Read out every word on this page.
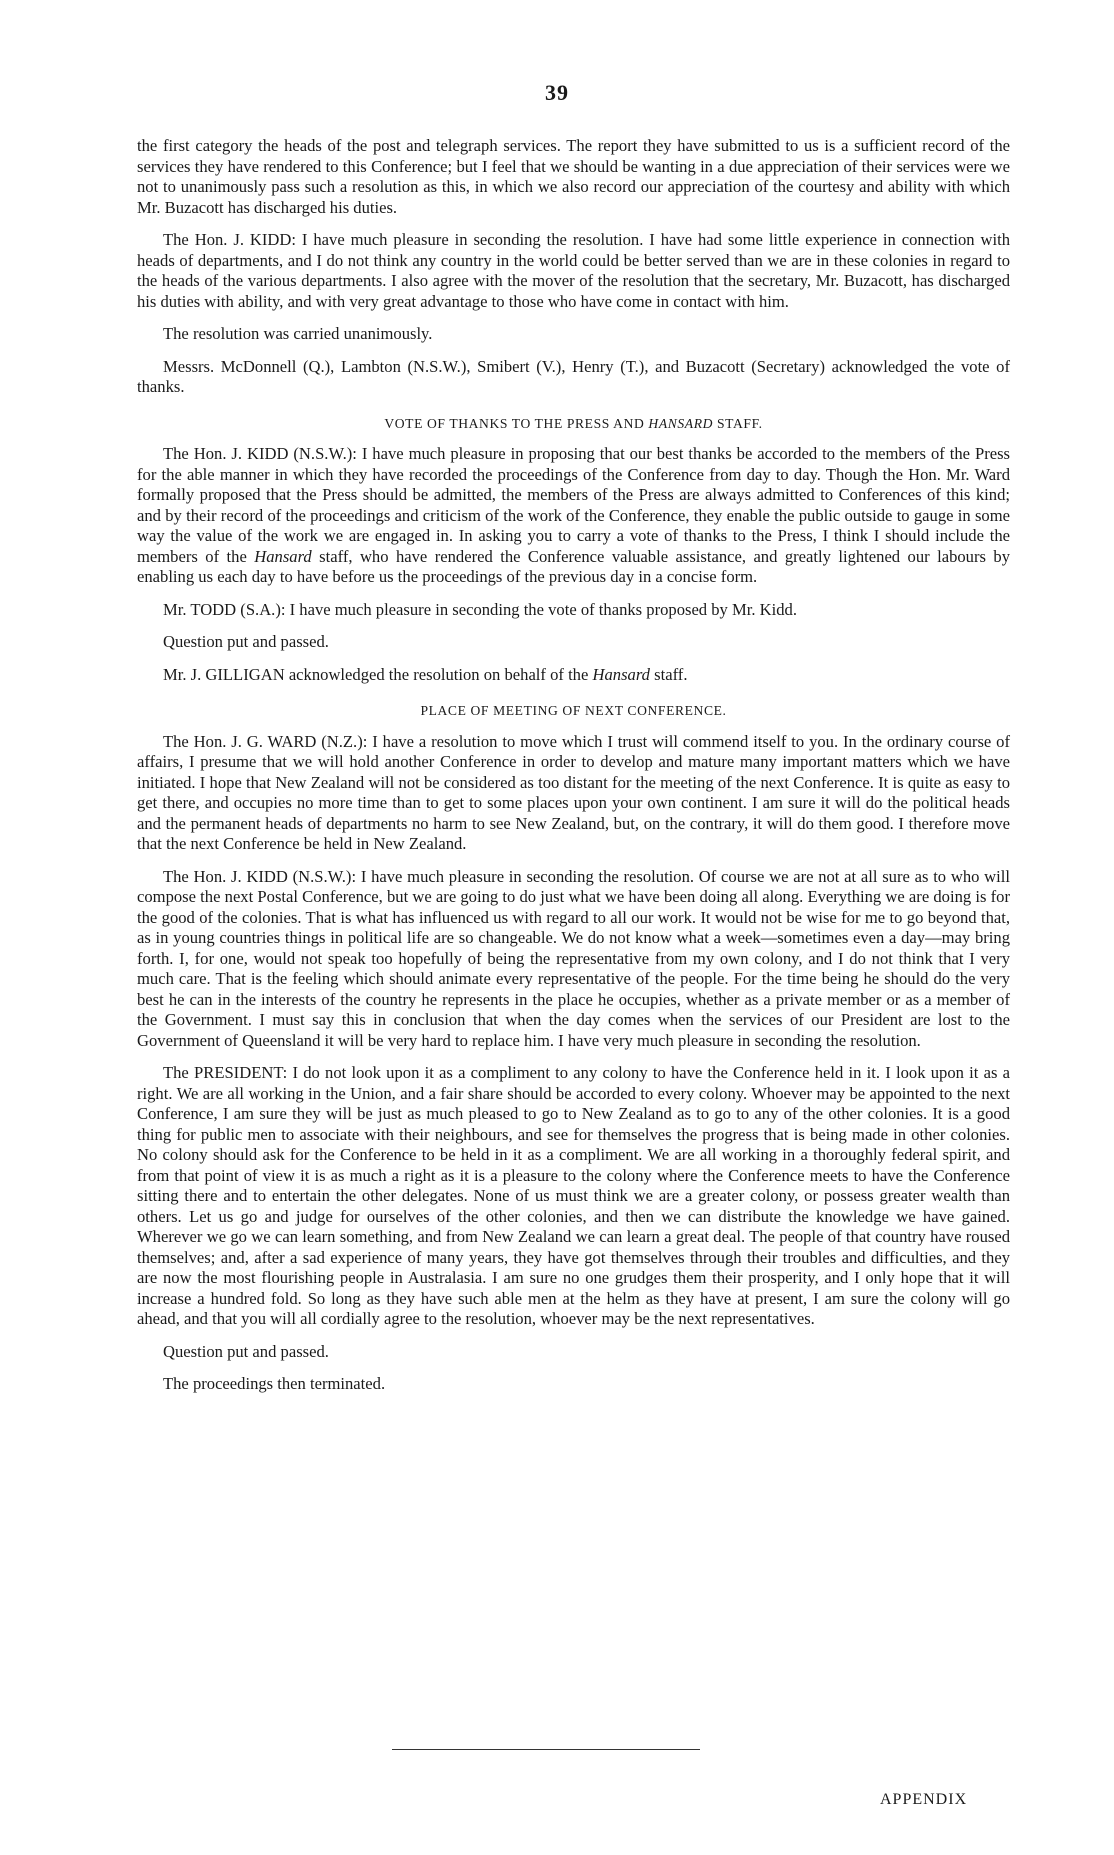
39

the first category the heads of the post and telegraph services. The report they have submitted to us is a sufficient record of the services they have rendered to this Conference; but I feel that we should be wanting in a due appreciation of their services were we not to unanimously pass such a resolution as this, in which we also record our appreciation of the courtesy and ability with which Mr. Buzacott has discharged his duties.

The Hon. J. KIDD: I have much pleasure in seconding the resolution. I have had some little experience in connection with heads of departments, and I do not think any country in the world could be better served than we are in these colonies in regard to the heads of the various departments. I also agree with the mover of the resolution that the secretary, Mr. Buzacott, has discharged his duties with ability, and with very great advantage to those who have come in contact with him.

The resolution was carried unanimously.

Messrs. McDonnell (Q.), Lambton (N.S.W.), Smibert (V.), Henry (T.), and Buzacott (Secretary) acknowledged the vote of thanks.

VOTE OF THANKS TO THE PRESS AND HANSARD STAFF.

The Hon. J. KIDD (N.S.W.): I have much pleasure in proposing that our best thanks be accorded to the members of the Press for the able manner in which they have recorded the proceedings of the Conference from day to day. Though the Hon. Mr. Ward formally proposed that the Press should be admitted, the members of the Press are always admitted to Conferences of this kind; and by their record of the proceedings and criticism of the work of the Conference, they enable the public outside to gauge in some way the value of the work we are engaged in. In asking you to carry a vote of thanks to the Press, I think I should include the members of the Hansard staff, who have rendered the Conference valuable assistance, and greatly lightened our labours by enabling us each day to have before us the proceedings of the previous day in a concise form.

Mr. TODD (S.A.): I have much pleasure in seconding the vote of thanks proposed by Mr. Kidd.

Question put and passed.

Mr. J. GILLIGAN acknowledged the resolution on behalf of the Hansard staff.

PLACE OF MEETING OF NEXT CONFERENCE.

The Hon. J. G. WARD (N.Z.): I have a resolution to move which I trust will commend itself to you. In the ordinary course of affairs, I presume that we will hold another Conference in order to develop and mature many important matters which we have initiated. I hope that New Zealand will not be considered as too distant for the meeting of the next Conference. It is quite as easy to get there, and occupies no more time than to get to some places upon your own continent. I am sure it will do the political heads and the permanent heads of departments no harm to see New Zealand, but, on the contrary, it will do them good. I therefore move that the next Conference be held in New Zealand.

The Hon. J. KIDD (N.S.W.): I have much pleasure in seconding the resolution. Of course we are not at all sure as to who will compose the next Postal Conference, but we are going to do just what we have been doing all along. Everything we are doing is for the good of the colonies. That is what has influenced us with regard to all our work. It would not be wise for me to go beyond that, as in young countries things in political life are so changeable. We do not know what a week—sometimes even a day—may bring forth. I, for one, would not speak too hopefully of being the representative from my own colony, and I do not think that I very much care. That is the feeling which should animate every representative of the people. For the time being he should do the very best he can in the interests of the country he represents in the place he occupies, whether as a private member or as a member of the Government. I must say this in conclusion that when the day comes when the services of our President are lost to the Government of Queensland it will be very hard to replace him. I have very much pleasure in seconding the resolution.

The PRESIDENT: I do not look upon it as a compliment to any colony to have the Conference held in it. I look upon it as a right. We are all working in the Union, and a fair share should be accorded to every colony. Whoever may be appointed to the next Conference, I am sure they will be just as much pleased to go to New Zealand as to go to any of the other colonies. It is a good thing for public men to associate with their neighbours, and see for themselves the progress that is being made in other colonies. No colony should ask for the Conference to be held in it as a compliment. We are all working in a thoroughly federal spirit, and from that point of view it is as much a right as it is a pleasure to the colony where the Conference meets to have the Conference sitting there and to entertain the other delegates. None of us must think we are a greater colony, or possess greater wealth than others. Let us go and judge for ourselves of the other colonies, and then we can distribute the knowledge we have gained. Wherever we go we can learn something, and from New Zealand we can learn a great deal. The people of that country have roused themselves; and, after a sad experience of many years, they have got themselves through their troubles and difficulties, and they are now the most flourishing people in Australasia. I am sure no one grudges them their prosperity, and I only hope that it will increase a hundred fold. So long as they have such able men at the helm as they have at present, I am sure the colony will go ahead, and that you will all cordially agree to the resolution, whoever may be the next representatives.

Question put and passed.

The proceedings then terminated.

APPENDIX
